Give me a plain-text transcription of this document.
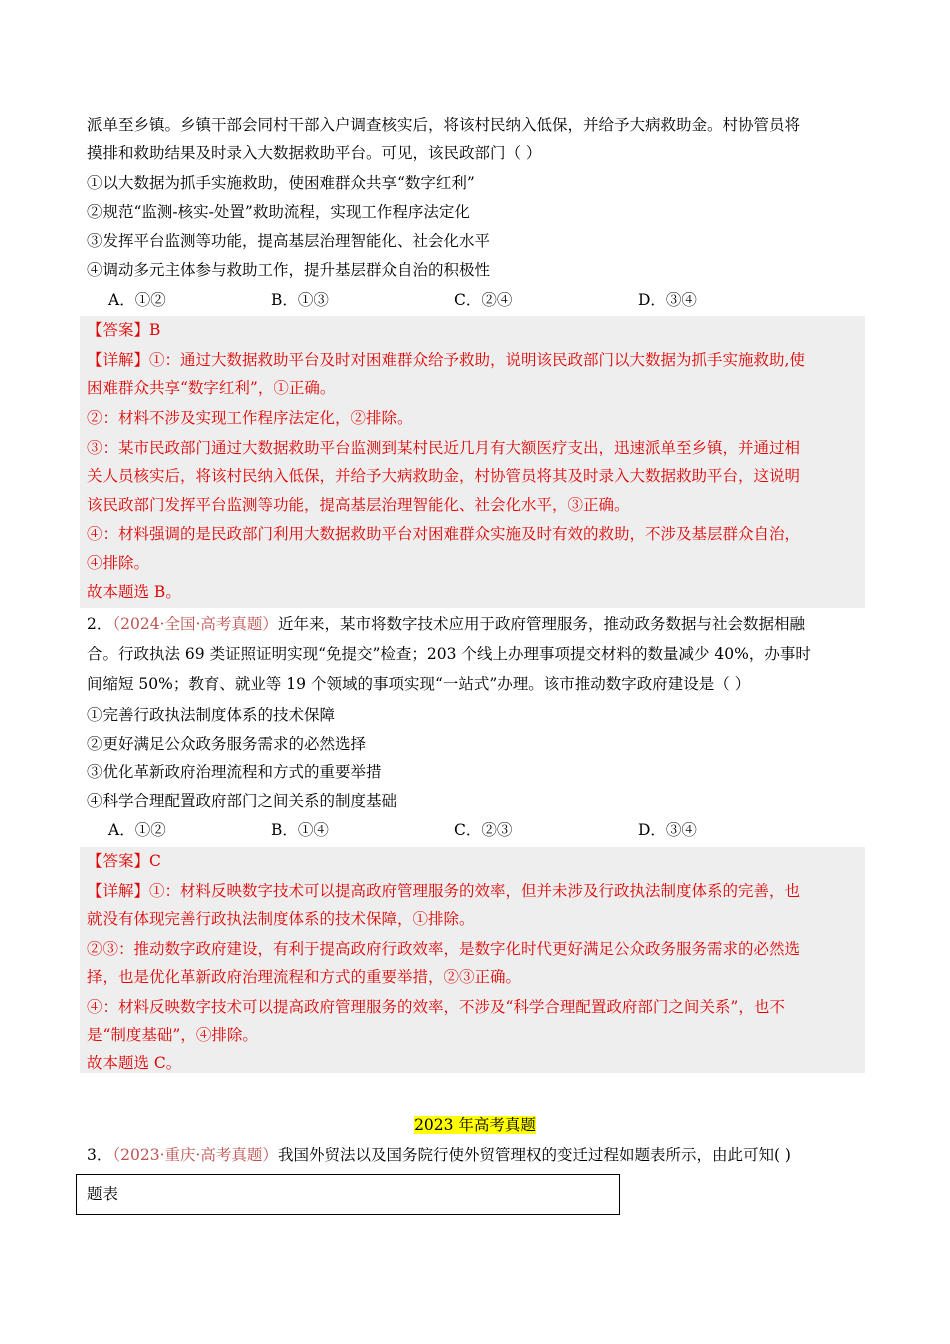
派单至乡镇。乡镇干部会同村干部入户调查核实后，将该村民纳入低保，并给予大病救助金。村协管员将
摸排和救助结果及时录入大数据救助平台。可见，该民政部门（ ）
①以大数据为抓手实施救助，使困难群众共享“数字红利”
②规范“监测-核实-处置”救助流程，实现工作程序法定化
③发挥平台监测等功能，提高基层治理智能化、社会化水平
④调动多元主体参与救助工作，提升基层群众自治的积极性
A．①②	B．①③	C．②④	D．③④
【答案】B
【详解】①：通过大数据救助平台及时对困难群众给予救助，说明该民政部门以大数据为抓手实施救助,使
困难群众共享“数字红利”，①正确。
②：材料不涉及实现工作程序法定化，②排除。
③：某市民政部门通过大数据救助平台监测到某村民近几月有大额医疗支出，迅速派单至乡镇，并通过相
关人员核实后，将该村民纳入低保，并给予大病救助金，村协管员将其及时录入大数据救助平台，这说明
该民政部门发挥平台监测等功能，提高基层治理智能化、社会化水平，③正确。
④：材料强调的是民政部门利用大数据救助平台对困难群众实施及时有效的救助，不涉及基层群众自治，
④排除。
故本题选 B。
2．（2024·全国·高考真题）近年来，某市将数字技术应用于政府管理服务，推动政务数据与社会数据相融
合。行政执法 69 类证照证明实现“免提交”检查；203 个线上办理事项提交材料的数量减少 40%，办事时
间缩短 50%；教育、就业等 19 个领域的事项实现“一站式”办理。该市推动数字政府建设是（ ）
①完善行政执法制度体系的技术保障
②更好满足公众政务服务需求的必然选择
③优化革新政府治理流程和方式的重要举措
④科学合理配置政府部门之间关系的制度基础
A．①②	B．①④	C．②③	D．③④
【答案】C
【详解】①：材料反映数字技术可以提高政府管理服务的效率，但并未涉及行政执法制度体系的完善，也
就没有体现完善行政执法制度体系的技术保障，①排除。
②③：推动数字政府建设，有利于提高政府行政效率，是数字化时代更好满足公众政务服务需求的必然选
择，也是优化革新政府治理流程和方式的重要举措，②③正确。
④：材料反映数字技术可以提高政府管理服务的效率，不涉及“科学合理配置政府部门之间关系”，也不
是“制度基础”，④排除。
故本题选 C。
2023 年高考真题
3．（2023·重庆·高考真题）我国外贸法以及国务院行使外贸管理权的变迁过程如题表所示，由此可知( )
题表
